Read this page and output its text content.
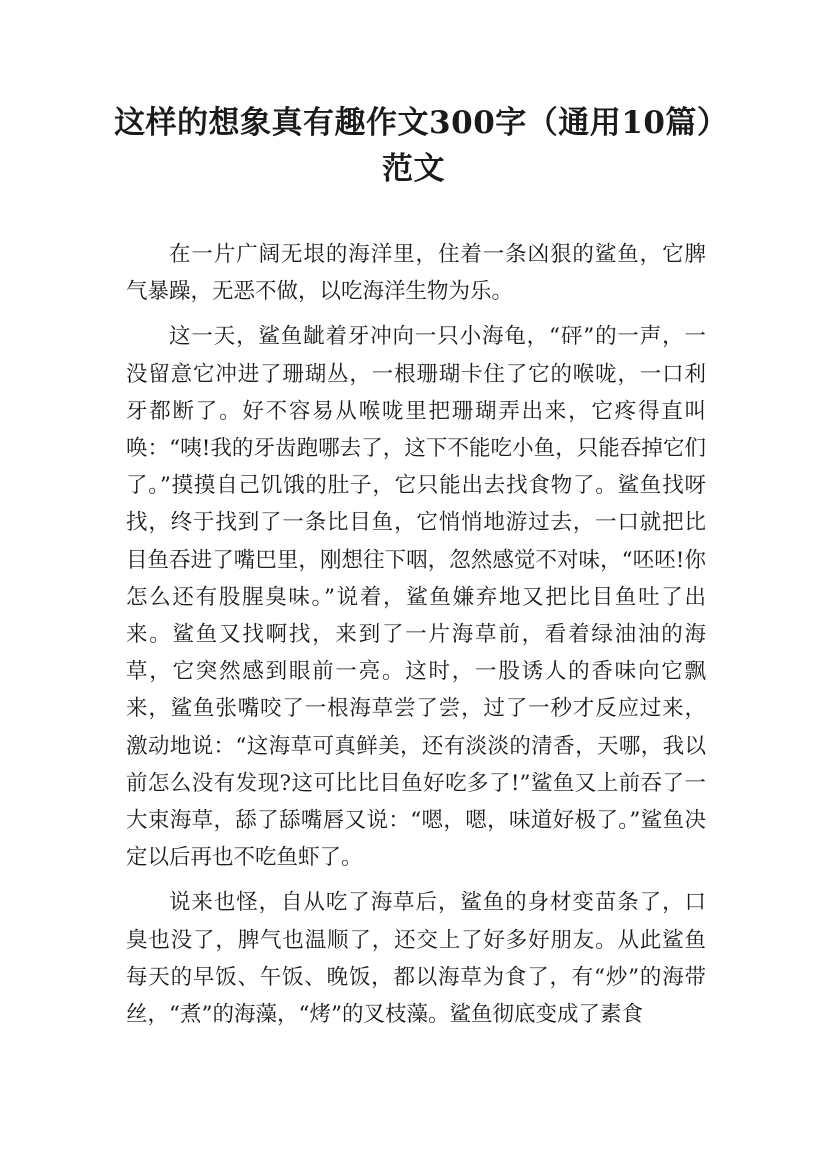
这样的想象真有趣作文300字（通用10篇）范文

在一片广阔无垠的海洋里，住着一条凶狠的鲨鱼，它脾气暴躁，无恶不做，以吃海洋生物为乐。

这一天，鲨鱼龇着牙冲向一只小海龟，“砰”的一声，一没留意它冲进了珊瑚丛，一根珊瑚卡住了它的喉咙，一口利牙都断了。好不容易从喉咙里把珊瑚弄出来，它疼得直叫唤：“咦!我的牙齿跑哪去了，这下不能吃小鱼，只能吞掉它们了。”摸摸自己饥饿的肚子，它只能出去找食物了。鲨鱼找呀找，终于找到了一条比目鱼，它悄悄地游过去，一口就把比目鱼吞进了嘴巴里，刚想往下咽，忽然感觉不对味，“呸呸!你怎么还有股腥臭味。”说着，鲨鱼嫌弃地又把比目鱼吐了出来。鲨鱼又找啊找，来到了一片海草前，看着绿油油的海草，它突然感到眼前一亮。这时，一股诱人的香味向它飘来，鲨鱼张嘴咬了一根海草尝了尝，过了一秒才反应过来，激动地说：“这海草可真鲜美，还有淡淡的清香，天哪，我以前怎么没有发现?这可比比目鱼好吃多了!”鲨鱼又上前吞了一大束海草，舔了舔嘴唇又说：“嗯，嗯，味道好极了。”鲨鱼决定以后再也不吃鱼虾了。

说来也怪，自从吃了海草后，鲨鱼的身材变苗条了，口臭也没了，脾气也温顺了，还交上了好多好朋友。从此鲨鱼每天的早饭、午饭、晚饭，都以海草为食了，有“炒”的海带丝，“煮”的海藻，“烤”的叉枝藻。鲨鱼彻底变成了素食
